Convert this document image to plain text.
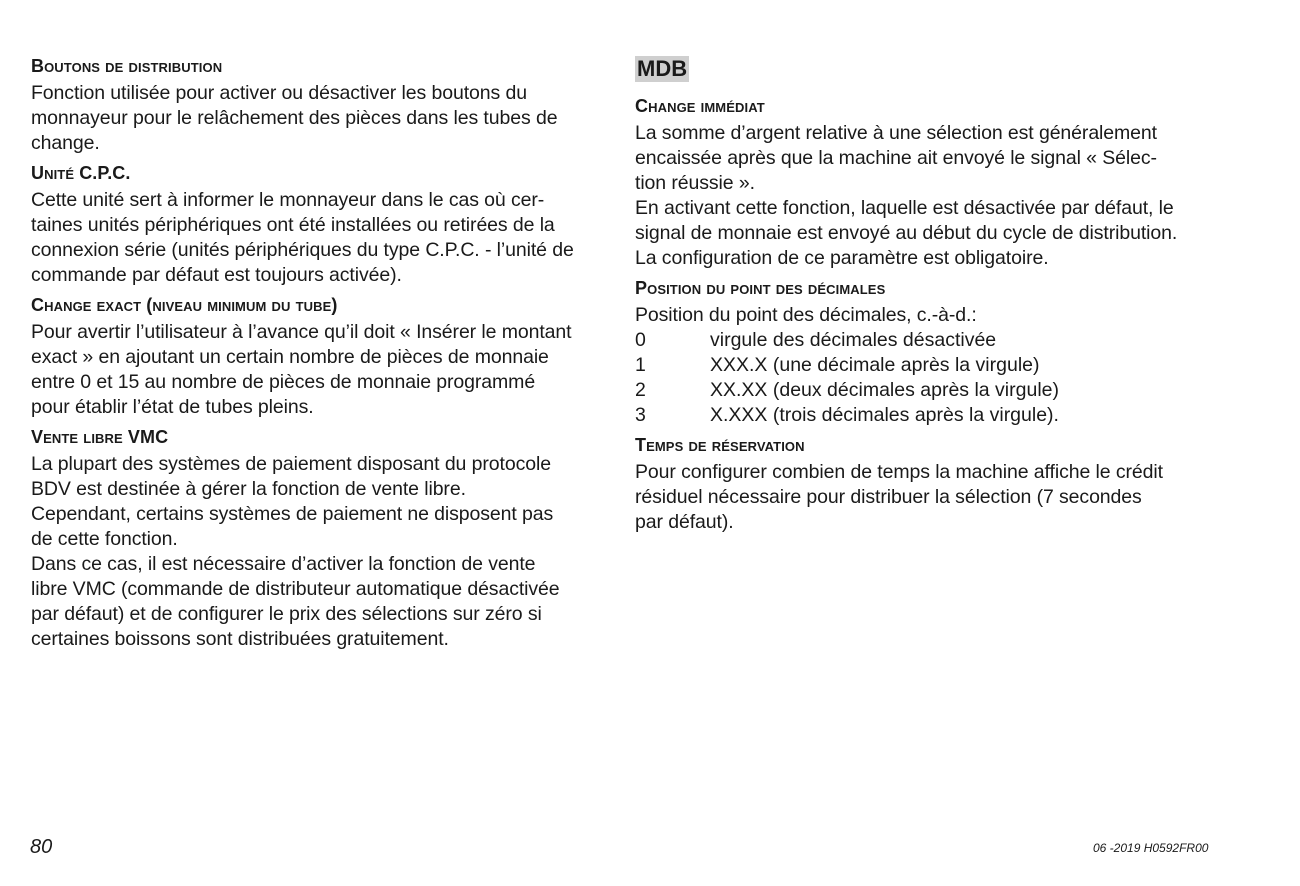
Boutons de distribution

Fonction utilisée pour activer ou désactiver les boutons du

monnayeur pour le relâchement des pièces dans les tubes de

change.

Unité C.P.C.

Cette unité sert à informer le monnayeur dans le cas où cer-

taines unités périphériques ont été installées ou retirées de la

connexion série (unités périphériques du type C.P.C. - l’unité de

commande par défaut est toujours activée).

Change exact (niveau minimum du tube)

Pour avertir l’utilisateur à l’avance qu’il doit « Insérer le montant

exact » en ajoutant un certain nombre de pièces de monnaie

entre 0 et 15 au nombre de pièces de monnaie programmé

pour établir l’état de tubes pleins.

Vente libre VMC

La plupart des systèmes de paiement disposant du protocole

BDV est destinée à gérer la fonction de vente libre.

Cependant, certains systèmes de paiement ne disposent pas

de cette fonction.

Dans ce cas, il est nécessaire d’activer la fonction de vente

libre VMC (commande de distributeur automatique désactivée

par défaut) et de configurer le prix des sélections sur zéro si

certaines boissons sont distribuées gratuitement.

MDB
Change immédiat

La somme d’argent relative à une sélection est généralement

encaissée après que la machine ait envoyé le signal « Sélec-

tion réussie ».

En activant cette fonction, laquelle est désactivée par défaut, le

signal de monnaie est envoyé au début du cycle de distribution.

La configuration de ce paramètre est obligatoire.

Position du point des décimales

Position du point des décimales, c.-à-d.:

0	virgule des décimales désactivée
1	XXX.X (une décimale après la virgule)
2	XX.XX (deux décimales après la virgule)
3	X.XXX (trois décimales après la virgule).
Temps de réservation

Pour configurer combien de temps la machine affiche le crédit

résiduel nécessaire pour distribuer la sélection (7 secondes

par défaut).

80	06 -2019 H0592FR00
